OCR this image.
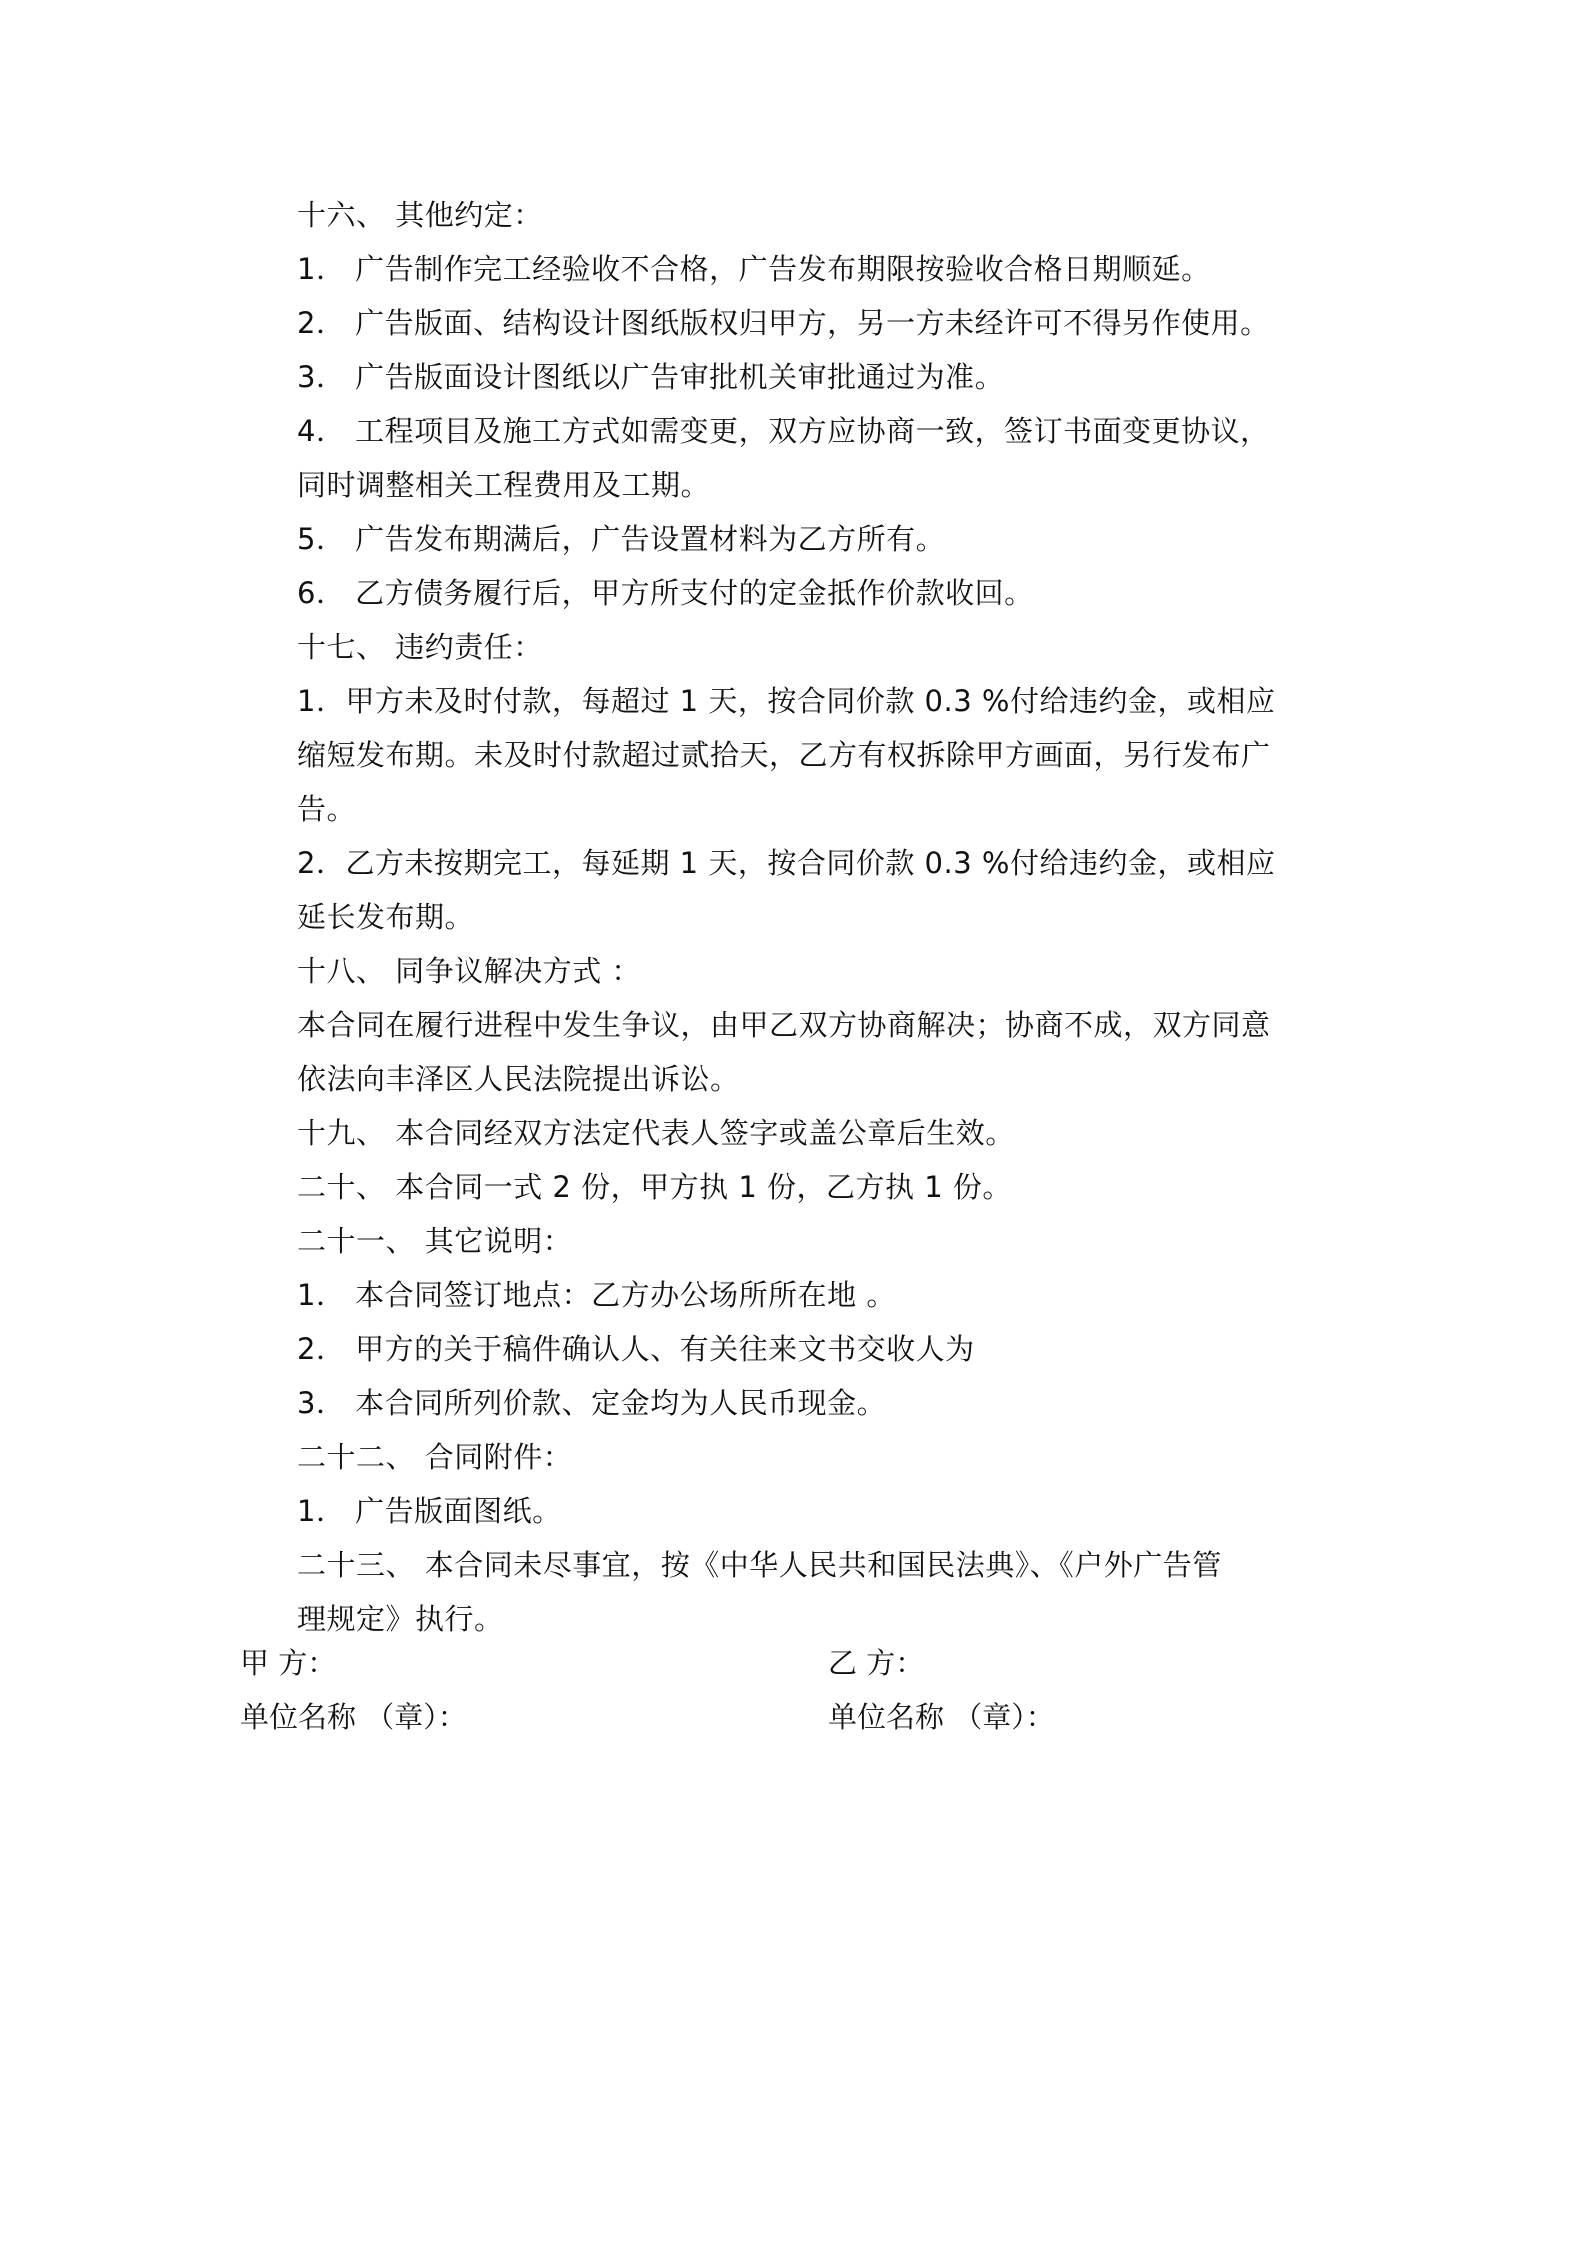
十六、 其他约定：
1． 广告制作完工经验收不合格，广告发布期限按验收合格日期顺延。
2． 广告版面、结构设计图纸版权归甲方，另一方未经许可不得另作使用。
3． 广告版面设计图纸以广告审批机关审批通过为准。
4． 工程项目及施工方式如需变更，双方应协商一致，签订书面变更协议，
同时调整相关工程费用及工期。
5． 广告发布期满后，广告设置材料为乙方所有。
6． 乙方债务履行后，甲方所支付的定金抵作价款收回。
十七、 违约责任：
1．甲方未及时付款，每超过 1 天，按合同价款 0.3 %付给违约金，或相应
缩短发布期。未及时付款超过贰拾天，乙方有权拆除甲方画面，另行发布广
告。
2．乙方未按期完工，每延期 1 天，按合同价款 0.3 %付给违约金，或相应
延长发布期。
十八、 同争议解决方式 ：
本合同在履行进程中发生争议，由甲乙双方协商解决；协商不成，双方同意
依法向丰泽区人民法院提出诉讼。
十九、 本合同经双方法定代表人签字或盖公章后生效。
二十、 本合同一式 2 份，甲方执 1 份，乙方执 1 份。
二十一、 其它说明：
1． 本合同签订地点：乙方办公场所所在地 。
2． 甲方的关于稿件确认人、有关往来文书交收人为
3． 本合同所列价款、定金均为人民币现金。
二十二、 合同附件：
1． 广告版面图纸。
二十三、 本合同未尽事宜，按《中华人民共和国民法典》、《户外广告管
理规定》执行。
甲 方：	乙 方：
单位名称 （章）：	单位名称 （章）：
